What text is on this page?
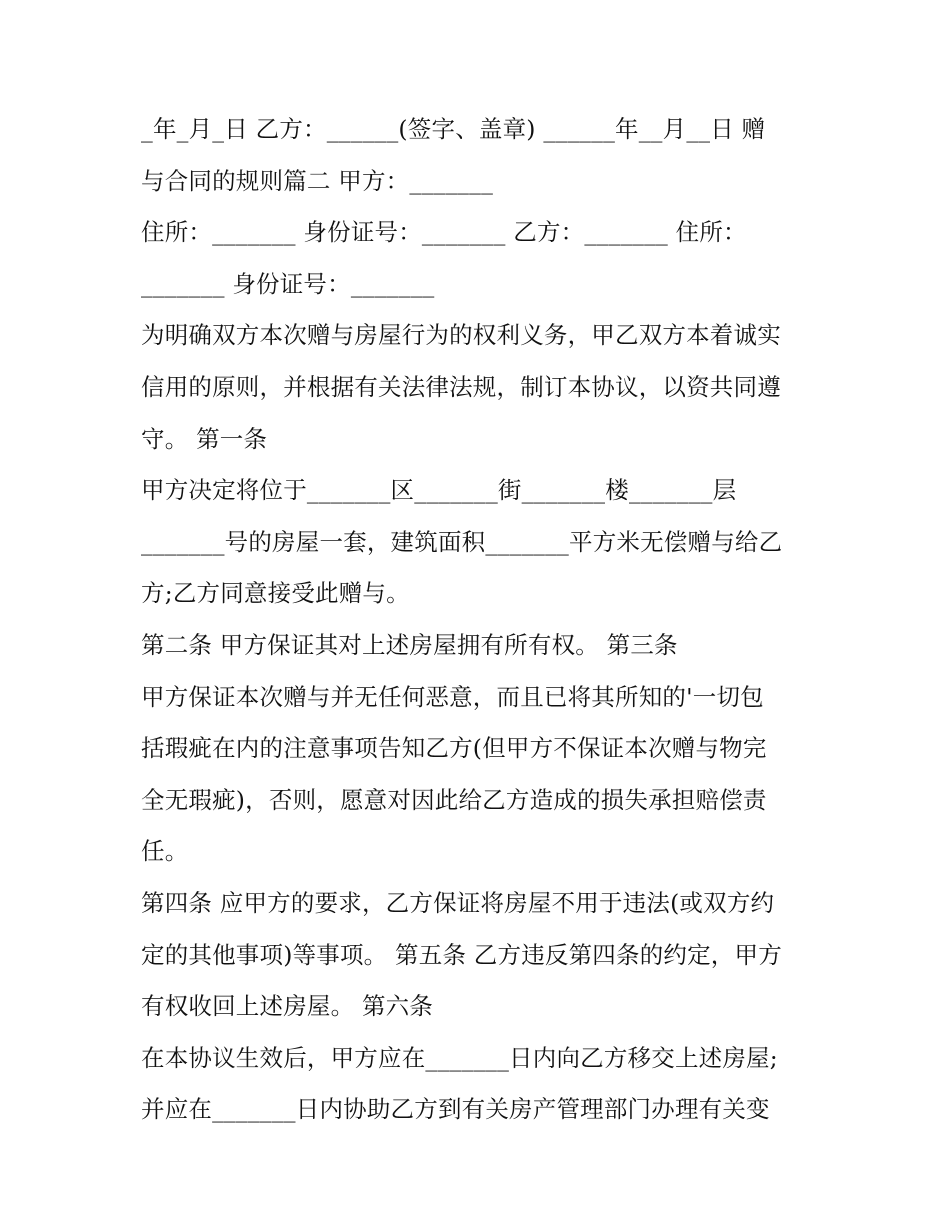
_年_月_日 乙方：______(签字、盖章) ______年__月__日 赠
与合同的规则篇二 甲方：_______
住所：_______ 身份证号：_______ 乙方：_______ 住所：
_______ 身份证号：_______
为明确双方本次赠与房屋行为的权利义务，甲乙双方本着诚实
信用的原则，并根据有关法律法规，制订本协议，以资共同遵
守。 第一条
甲方决定将位于_______区_______街_______楼_______层
_______号的房屋一套，建筑面积_______平方米无偿赠与给乙
方;乙方同意接受此赠与。
第二条 甲方保证其对上述房屋拥有所有权。 第三条
甲方保证本次赠与并无任何恶意，而且已将其所知的'一切包
括瑕疵在内的注意事项告知乙方(但甲方不保证本次赠与物完
全无瑕疵)，否则，愿意对因此给乙方造成的损失承担赔偿责
任。
第四条 应甲方的要求，乙方保证将房屋不用于违法(或双方约
定的其他事项)等事项。 第五条 乙方违反第四条的约定，甲方
有权收回上述房屋。 第六条
在本协议生效后，甲方应在_______日内向乙方移交上述房屋;
并应在_______日内协助乙方到有关房产管理部门办理有关变
